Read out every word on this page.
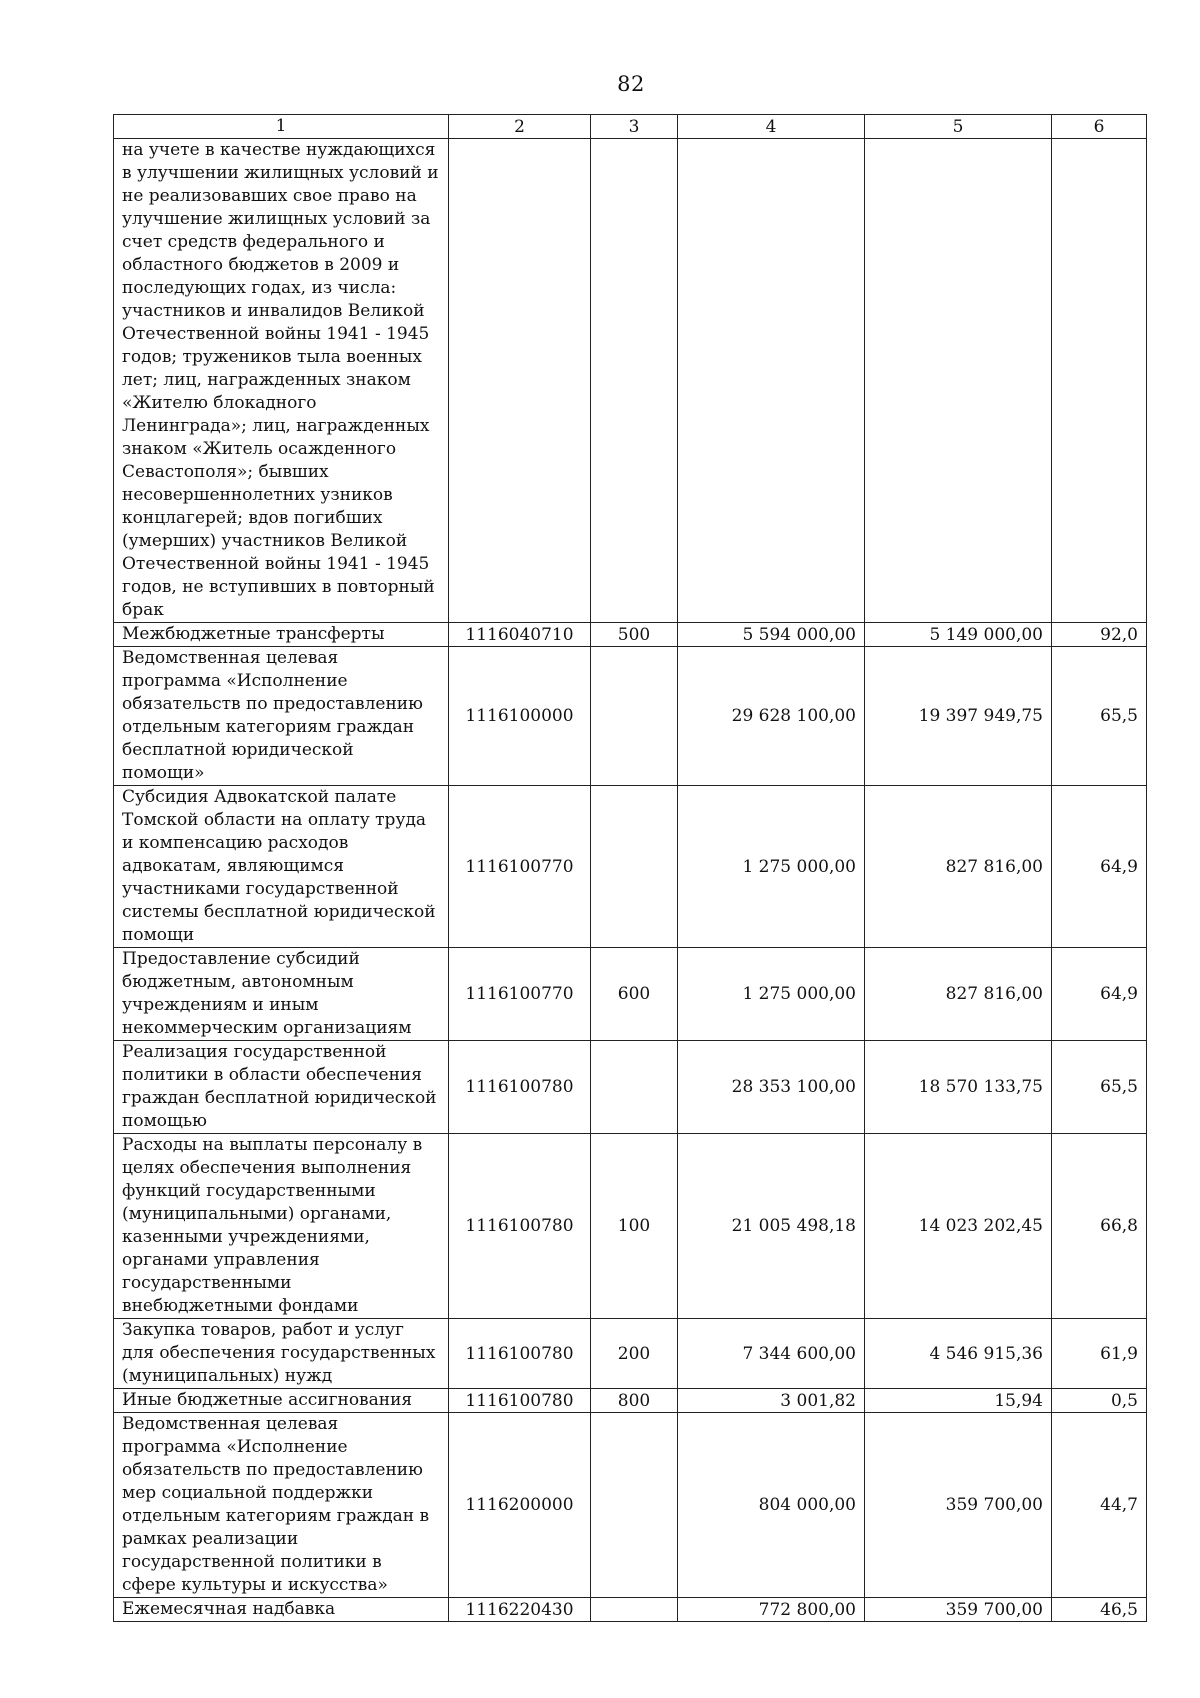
82
1	2	3	4	5	6
на учете в качестве нуждающихся в улучшении жилищных условий и не реализовавших свое право на улучшение жилищных условий за счет средств федерального и областного бюджетов в 2009 и последующих годах, из числа: участников и инвалидов Великой Отечественной войны 1941 - 1945 годов; тружеников тыла военных лет; лиц, награжденных знаком «Жителю блокадного Ленинграда»; лиц, награжденных знаком «Житель осажденного Севастополя»; бывших несовершеннолетних узников концлагерей; вдов погибших (умерших) участников Великой Отечественной войны 1941 - 1945 годов, не вступивших в повторный брак					
Межбюджетные трансферты	1116040710	500	5 594 000,00	5 149 000,00	92,0
Ведомственная целевая программа «Исполнение обязательств по предоставлению отдельным категориям граждан бесплатной юридической помощи»	1116100000		29 628 100,00	19 397 949,75	65,5
Субсидия Адвокатской палате Томской области на оплату труда и компенсацию расходов адвокатам, являющимся участниками государственной системы бесплатной юридической помощи	1116100770		1 275 000,00	827 816,00	64,9
Предоставление субсидий бюджетным, автономным учреждениям и иным некоммерческим организациям	1116100770	600	1 275 000,00	827 816,00	64,9
Реализация государственной политики в области обеспечения граждан бесплатной юридической помощью	1116100780		28 353 100,00	18 570 133,75	65,5
Расходы на выплаты персоналу в целях обеспечения выполнения функций государственными (муниципальными) органами, казенными учреждениями, органами управления государственными внебюджетными фондами	1116100780	100	21 005 498,18	14 023 202,45	66,8
Закупка товаров, работ и услуг для обеспечения государственных (муниципальных) нужд	1116100780	200	7 344 600,00	4 546 915,36	61,9
Иные бюджетные ассигнования	1116100780	800	3 001,82	15,94	0,5
Ведомственная целевая программа «Исполнение обязательств по предоставлению мер социальной поддержки отдельным категориям граждан в рамках реализации государственной политики в сфере культуры и искусства»	1116200000		804 000,00	359 700,00	44,7
Ежемесячная надбавка	1116220430		772 800,00	359 700,00	46,5
